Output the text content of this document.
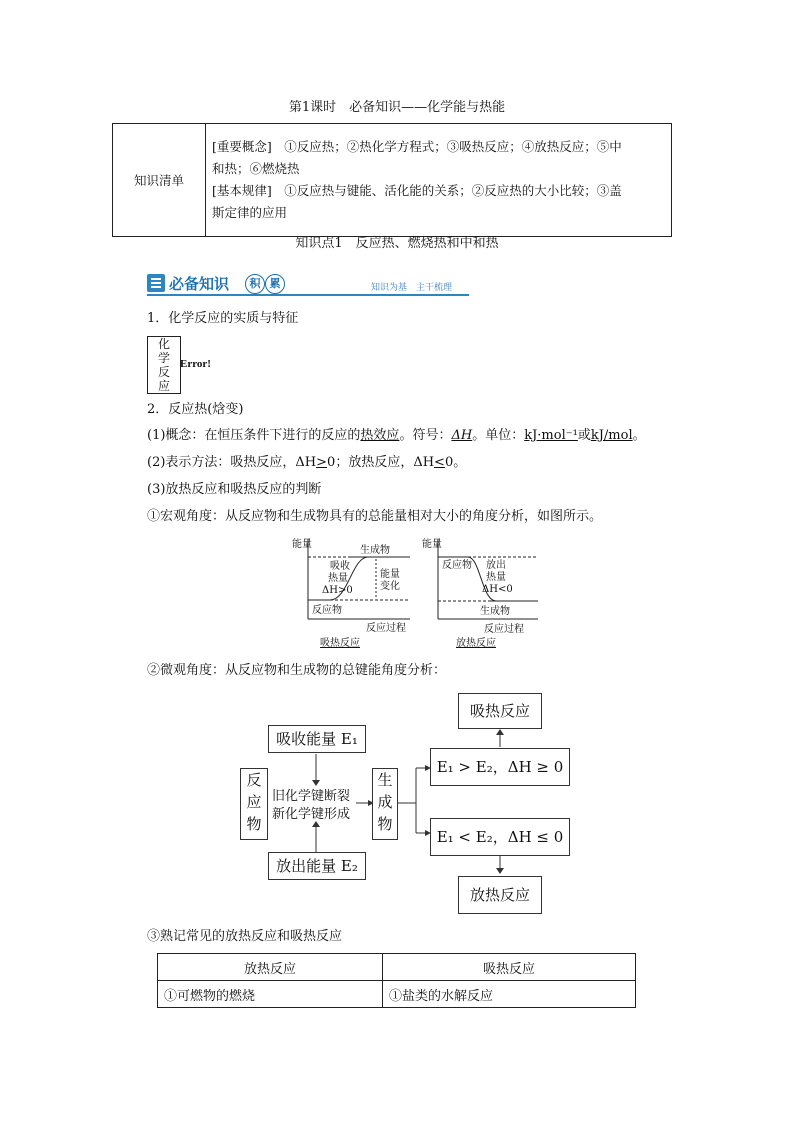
第1课时　必备知识——化学能与热能
知识清单	
[重要概念]　①反应热；②热化学方程式；③吸热反应；④放热反应；⑤中
和热；⑥燃烧热
[基本规律]　①反应热与键能、活化能的关系；②反应热的大小比较；③盖
斯定律的应用
知识点1　反应热、燃烧热和中和热
必备知识	积 累	知识为基　主干梳理
1．化学反应的实质与特征
化
学
反
应
Error!
2．反应热(焓变)
(1)概念：在恒压条件下进行的反应的热效应。符号：ΔH。单位：kJ·mol⁻¹或kJ/mol。
(2)表示方法：吸热反应，ΔH>0；放热反应，ΔH<0。
(3)放热反应和吸热反应的判断
①宏观角度：从反应物和生成物具有的总能量相对大小的角度分析，如图所示。
能量
生成物
吸收
热量
ΔH>0
能量
变化
反应物
反应过程
吸热反应
能量
反应物 放出
热量
ΔH<0
生成物
反应过程
放热反应
②微观角度：从反应物和生成物的总键能角度分析：
吸收能量 E₁
放出能量 E₂
反
应
物
旧化学键断裂
新化学键形成
生
成
物
吸热反应
E₁ > E₂，ΔH ≥ 0
E₁ < E₂，ΔH ≤ 0
放热反应
③熟记常见的放热反应和吸热反应
放热反应	吸热反应
①可燃物的燃烧	①盐类的水解反应
